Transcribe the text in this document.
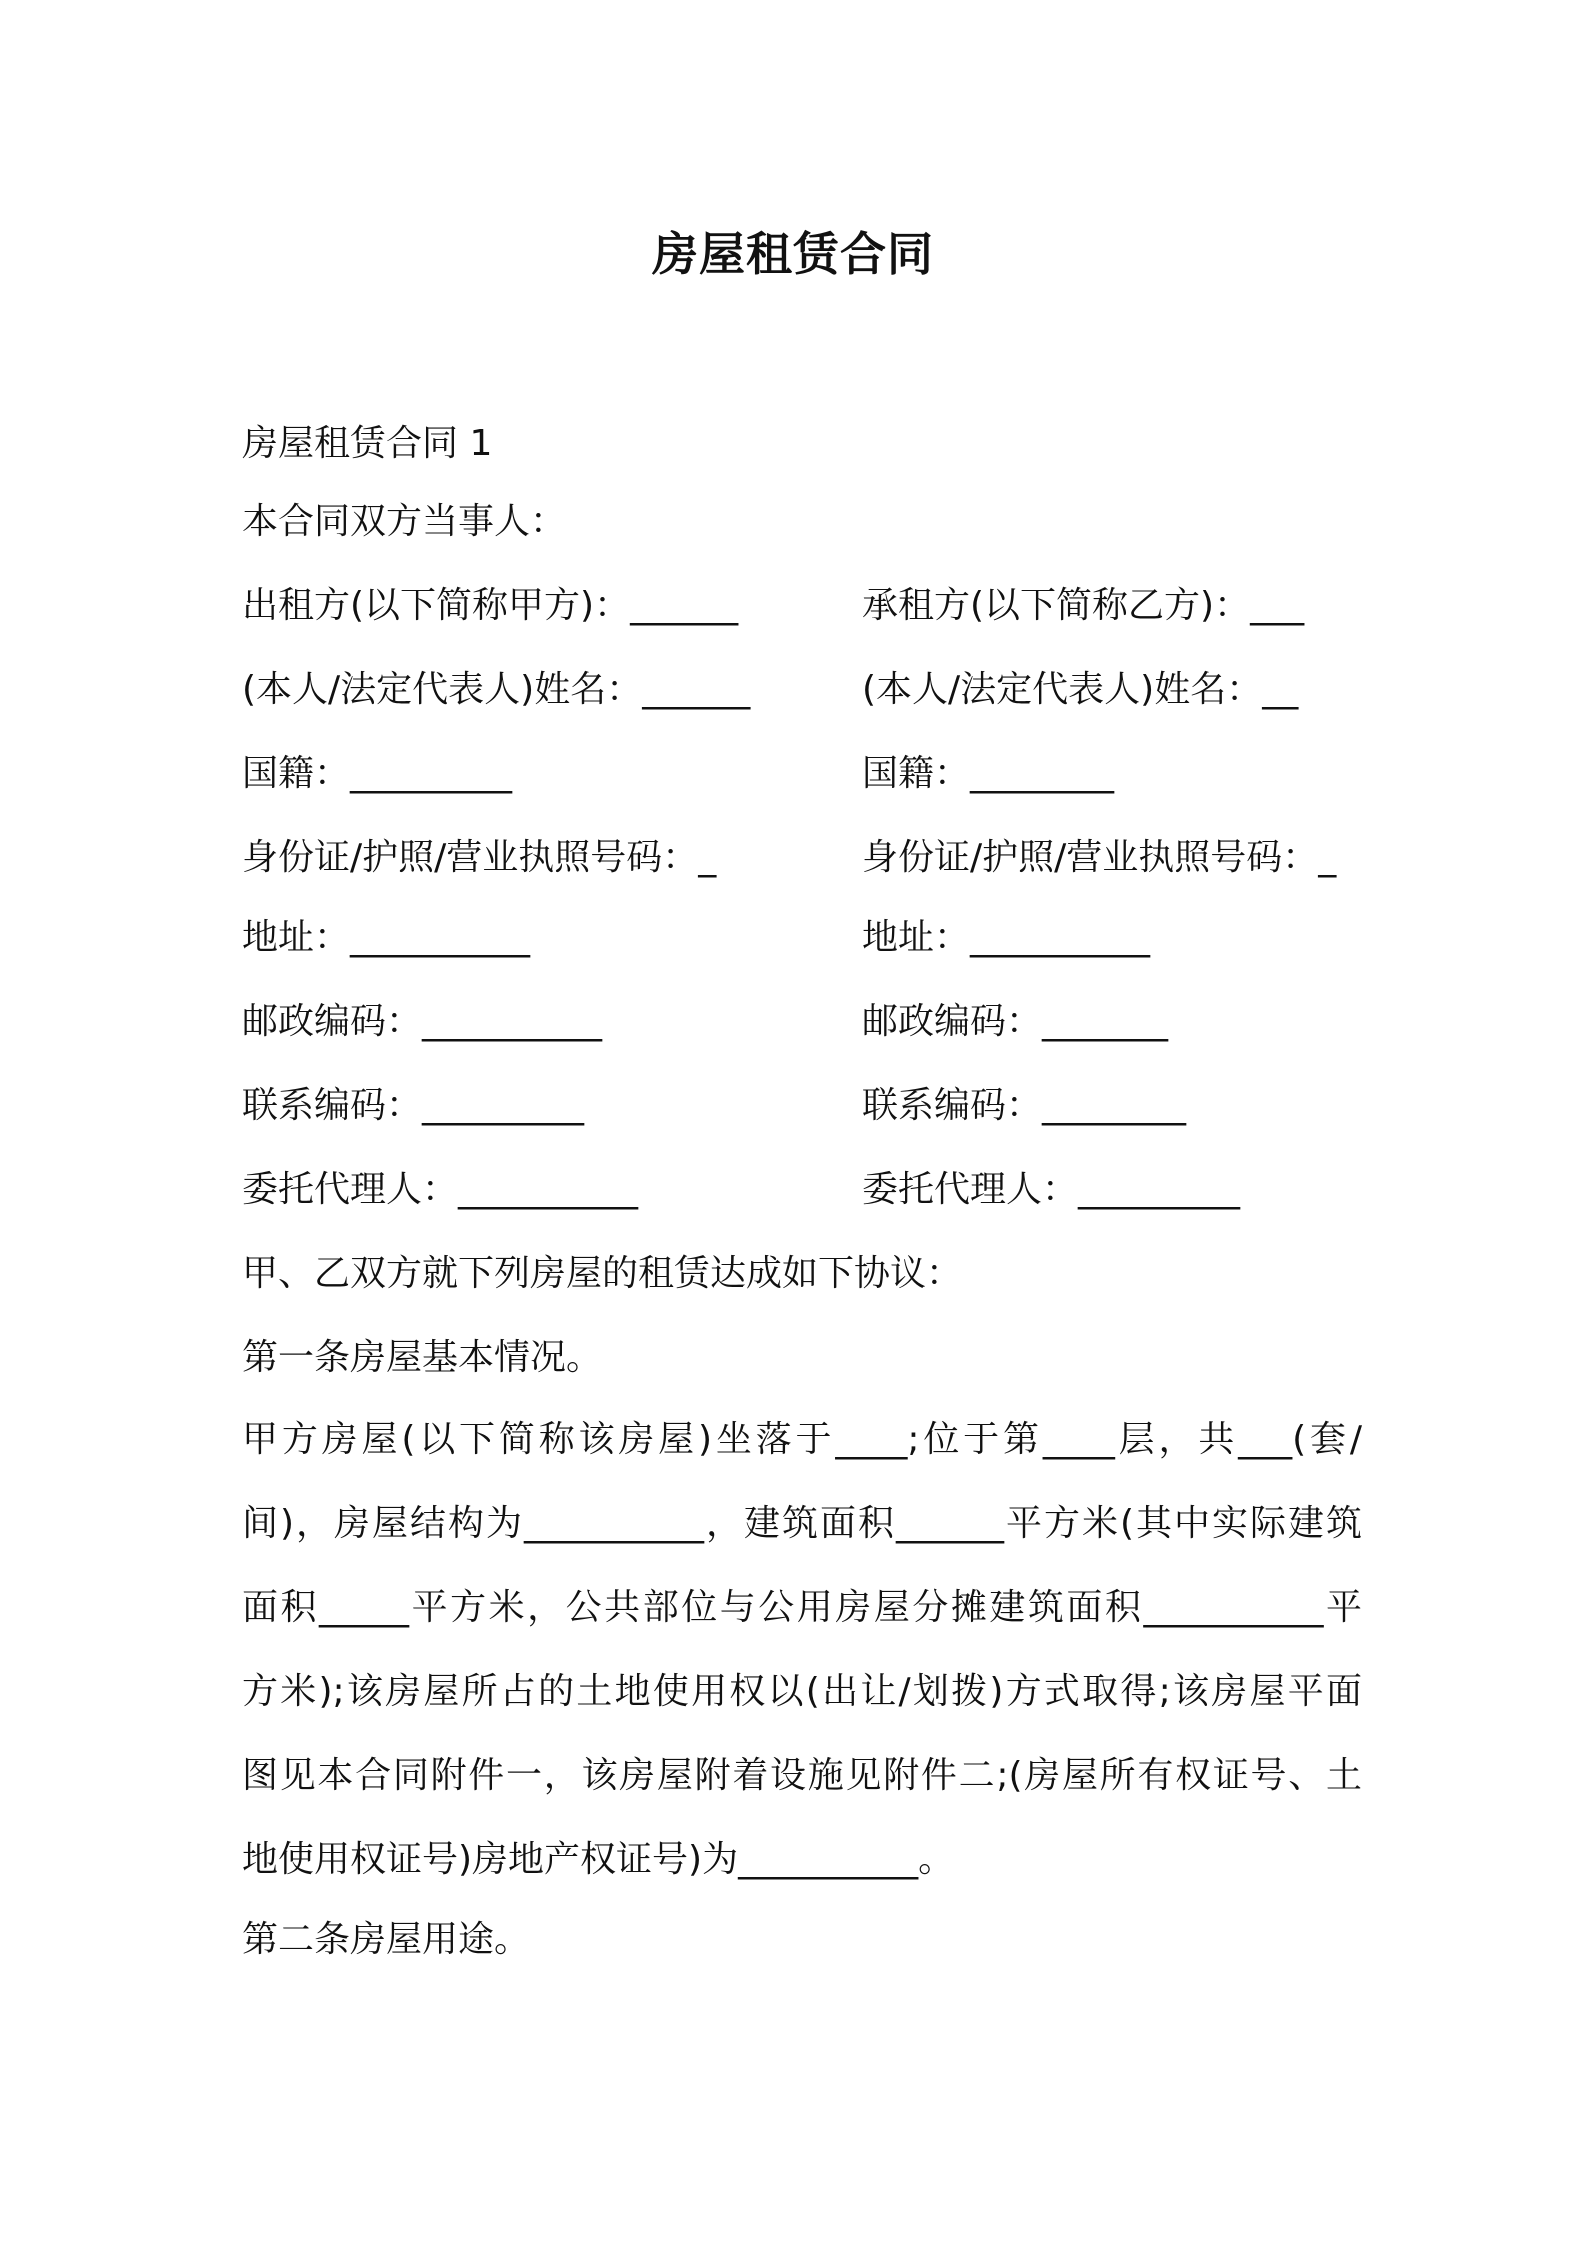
房屋租赁合同
房屋租赁合同 1
本合同双方当事人：
出租方(以下简称甲方)：______	承租方(以下简称乙方)：___
(本人/法定代表人)姓名：______	(本人/法定代表人)姓名：__
国籍：_________	国籍：________
身份证/护照/营业执照号码：_	身份证/护照/营业执照号码：_
地址：__________	地址：__________
邮政编码：__________	邮政编码：_______
联系编码：_________	联系编码：________
委托代理人：__________	委托代理人：_________
甲、乙双方就下列房屋的租赁达成如下协议：
第一条房屋基本情况。
甲方房屋(以下简称该房屋)坐落于____;位于第____层，共___(套/
间)，房屋结构为__________，建筑面积______平方米(其中实际建筑
面积_____平方米，公共部位与公用房屋分摊建筑面积__________平
方米);该房屋所占的土地使用权以(出让/划拨)方式取得;该房屋平面
图见本合同附件一，该房屋附着设施见附件二;(房屋所有权证号、土
地使用权证号)房地产权证号)为__________。
第二条房屋用途。
